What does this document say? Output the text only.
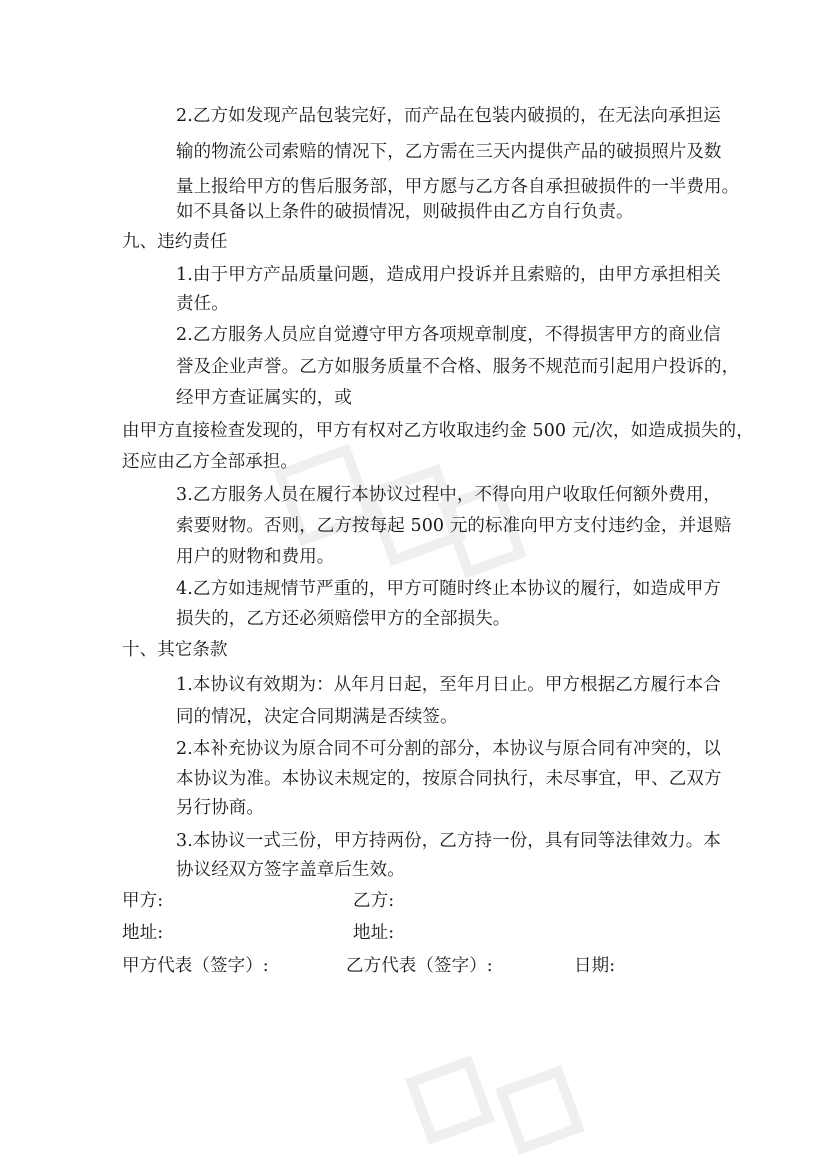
2.乙方如发现产品包装完好，而产品在包装内破损的，在无法向承担运
输的物流公司索赔的情况下，乙方需在三天内提供产品的破损照片及数
量上报给甲方的售后服务部，甲方愿与乙方各自承担破损件的一半费用。
如不具备以上条件的破损情况，则破损件由乙方自行负责。
九、违约责任
1.由于甲方产品质量问题，造成用户投诉并且索赔的，由甲方承担相关
责任。
2.乙方服务人员应自觉遵守甲方各项规章制度，不得损害甲方的商业信
誉及企业声誉。乙方如服务质量不合格、服务不规范而引起用户投诉的，
经甲方查证属实的，或
由甲方直接检查发现的，甲方有权对乙方收取违约金 500 元/次，如造成损失的，
还应由乙方全部承担。
3.乙方服务人员在履行本协议过程中，不得向用户收取任何额外费用，
索要财物。否则，乙方按每起 500 元的标准向甲方支付违约金，并退赔
用户的财物和费用。
4.乙方如违规情节严重的，甲方可随时终止本协议的履行，如造成甲方
损失的，乙方还必须赔偿甲方的全部损失。
十、其它条款
1.本协议有效期为：从年月日起，至年月日止。甲方根据乙方履行本合
同的情况，决定合同期满是否续签。
2.本补充协议为原合同不可分割的部分，本协议与原合同有冲突的，以
本协议为准。本协议未规定的，按原合同执行，未尽事宜，甲、乙双方
另行协商。
3.本协议一式三份，甲方持两份，乙方持一份，具有同等法律效力。本
协议经双方签字盖章后生效。
甲方:	乙方:
地址:	地址:
甲方代表（签字）:	乙方代表（签字）:	日期:
